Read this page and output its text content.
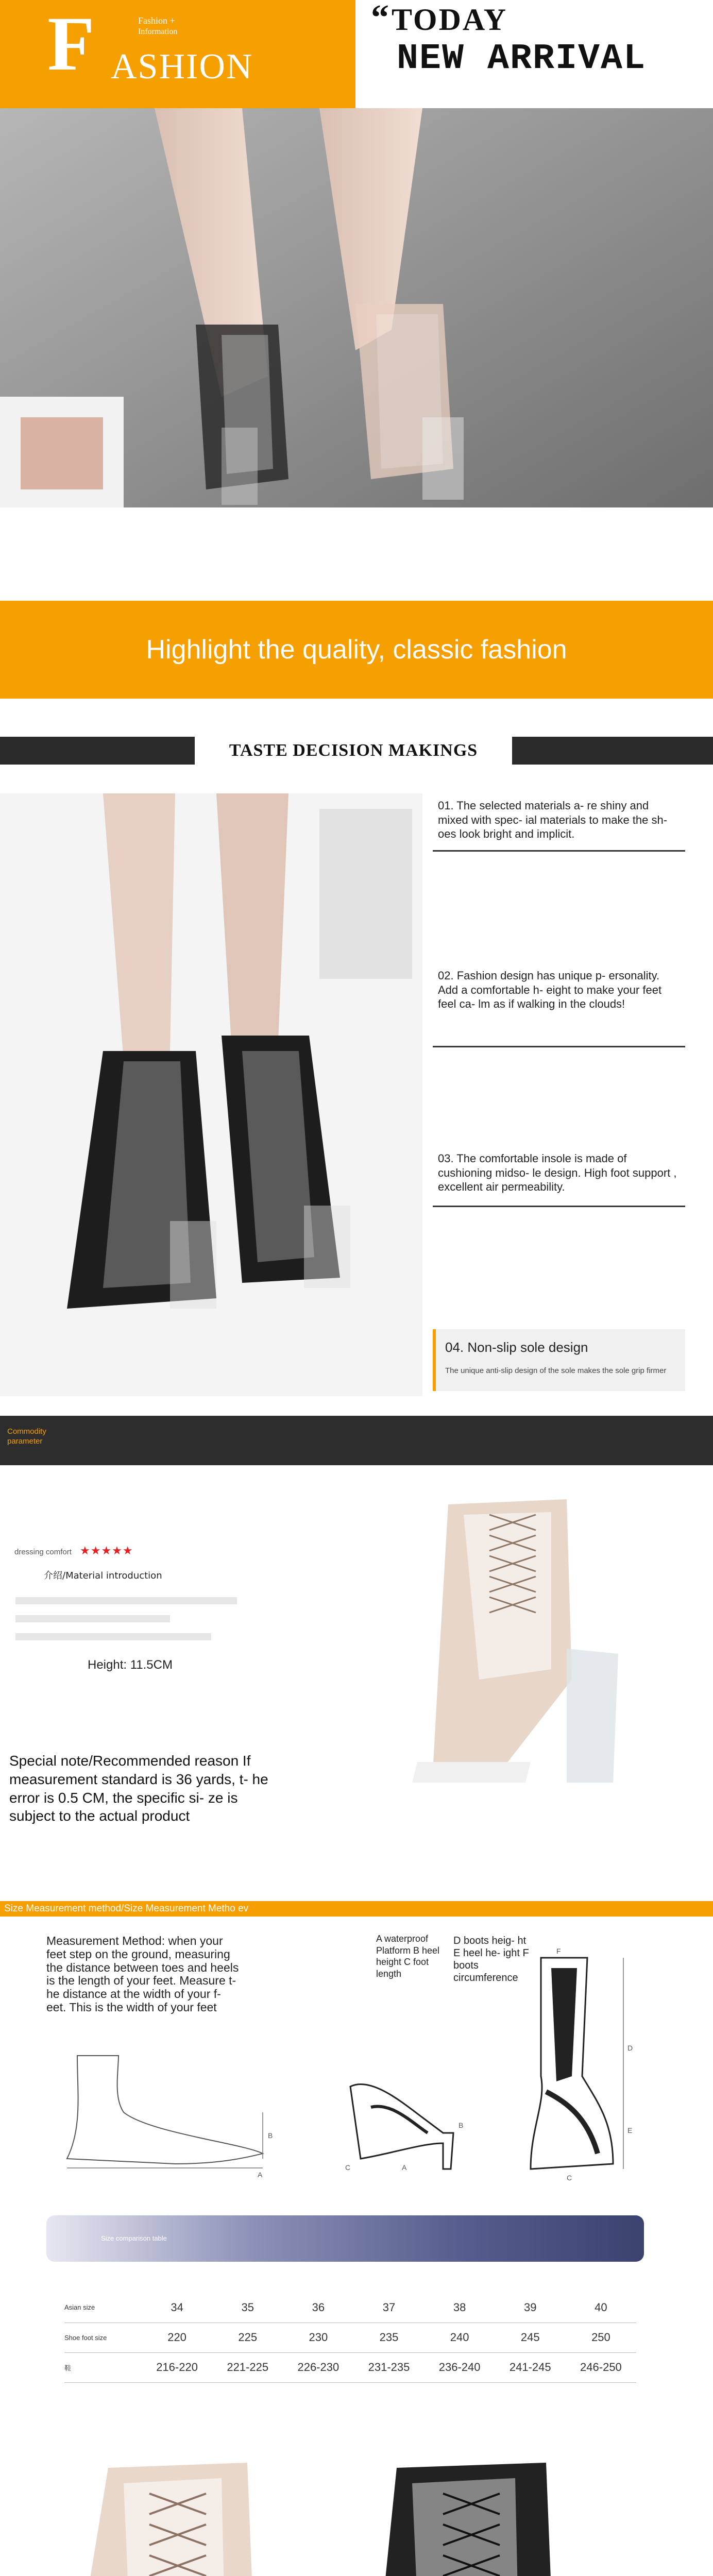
F	Fashion +
Information
ASHION
“ TODAY
NEW ARRIVAL
Highlight the quality, classic fashion
TASTE DECISION MAKINGS
01. The selected materials a- re shiny and mixed with spec- ial materials to make the sh- oes look bright and implicit.
02. Fashion design has unique p- ersonality. Add a comfortable h- eight to make your feet feel ca- lm as if walking in the clouds!
03. The comfortable insole is made of cushioning midso- le design. High foot support , excellent air permeability.
04. Non-slip sole design
The unique anti-slip design of the sole makes the sole grip firmer
Commodity
parameter
dressing comfort ★★★★★
介绍/Material introduction
Height: 11.5CM
Special note/Recommended reason If measurement standard is 36 yards, t- he error is 0.5 CM, the specific si- ze is subject to the actual product
Size Measurement method/Size Measurement Metho ev
Measurement Method: when your feet step on the ground, measuring the distance between toes and heels is the length of your feet. Measure t- he distance at the width of your f- eet. This is the width of your feet
A waterproof Platform B heel height C foot length
D boots heig- ht E heel he- ight F boots circumference
B
A
B
A
C
D
E
F
C
Size comparison table
Asian size	34	35	36	37	38	39	40
Shoe foot size	220	225	230	235	240	245	250
鞋	216-220	221-225	226-230	231-235	236-240	241-245	246-250
